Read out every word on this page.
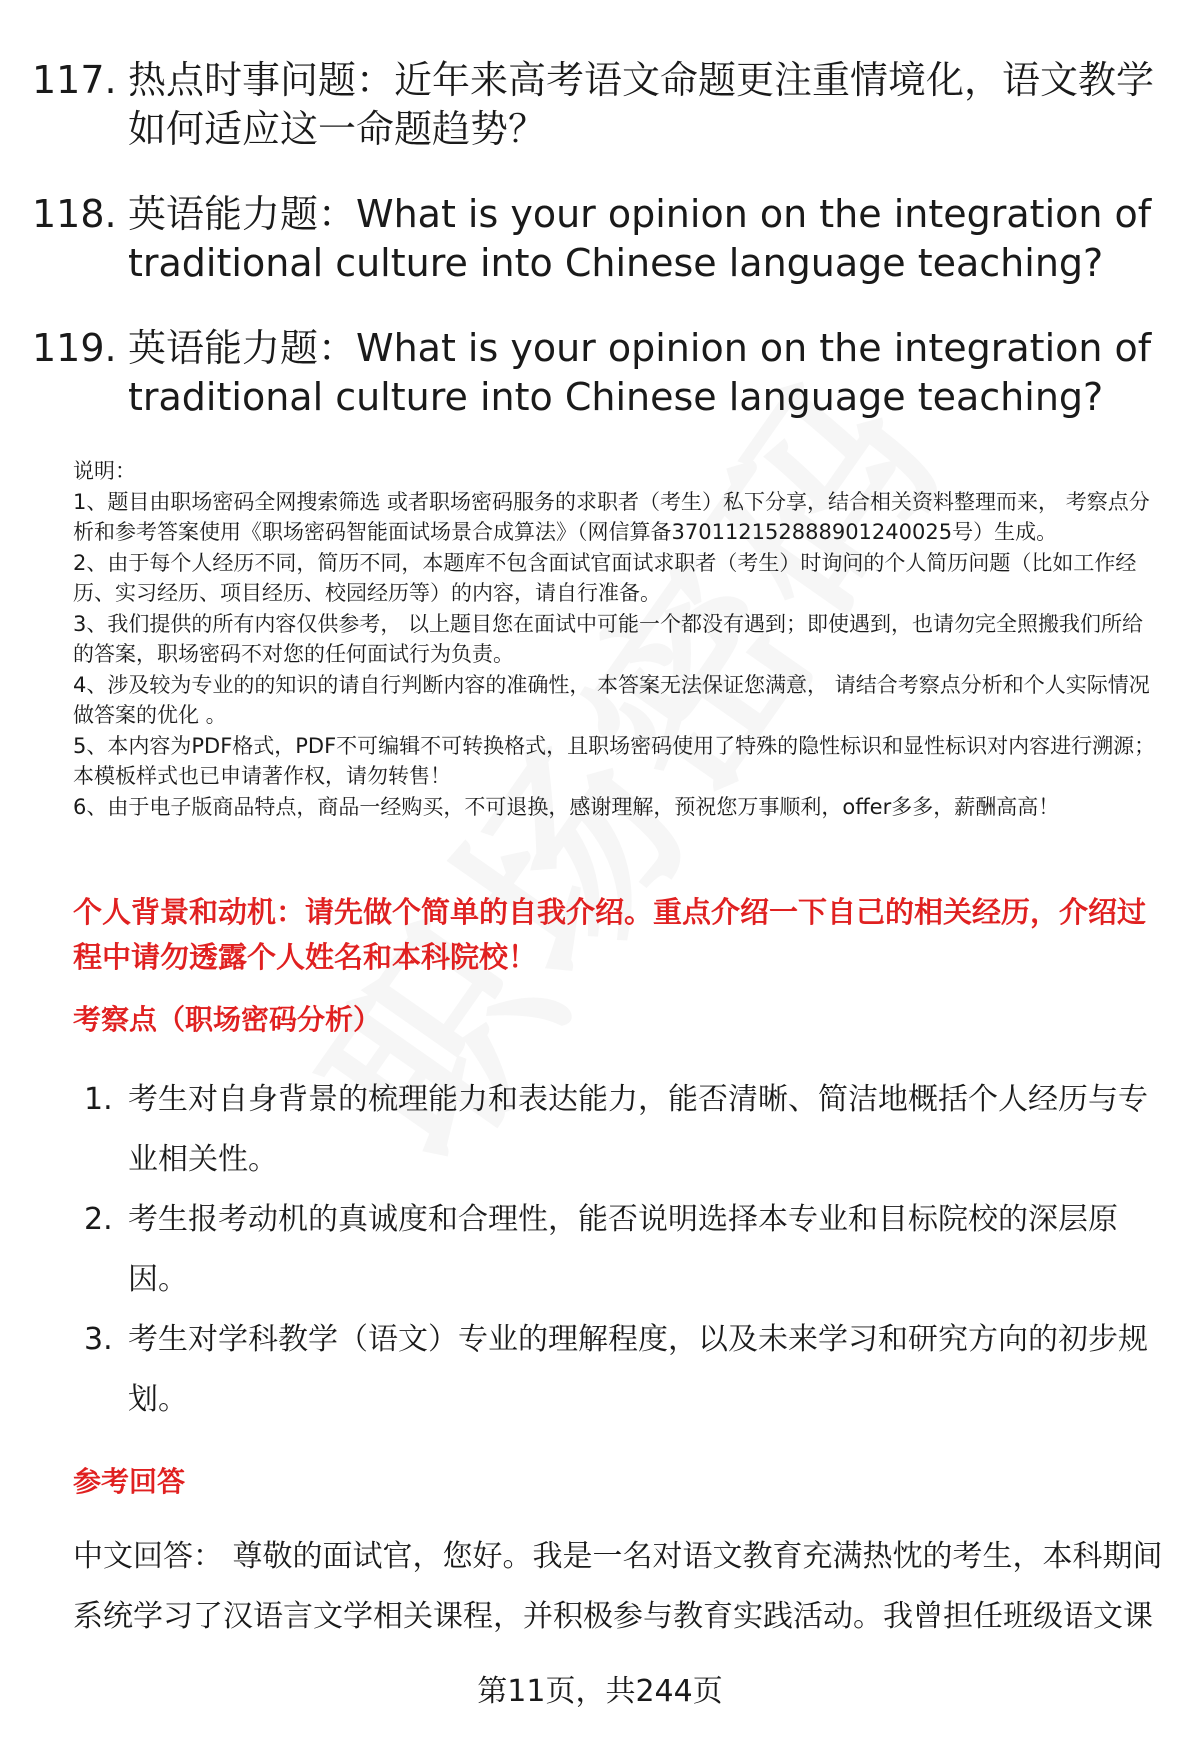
117. 热点时事问题：近年来高考语文命题更注重情境化，语文教学如何适应这一命题趋势？
118. 英语能力题：What is your opinion on the integration of traditional culture into Chinese language teaching?
119. 英语能力题：What is your opinion on the integration of traditional culture into Chinese language teaching?

说明：

1、题目由职场密码全网搜索筛选 或者职场密码服务的求职者（考生）私下分享，结合相关资料整理而来， 考察点分析和参考答案使用《职场密码智能面试场景合成算法》（网信算备370112152888901240025号）生成。

2、由于每个人经历不同，简历不同，本题库不包含面试官面试求职者（考生）时询问的个人简历问题（比如工作经历、实习经历、项目经历、校园经历等）的内容，请自行准备。

3、我们提供的所有内容仅供参考， 以上题目您在面试中可能一个都没有遇到；即使遇到，也请勿完全照搬我们所给的答案，职场密码不对您的任何面试行为负责。

4、涉及较为专业的的知识的请自行判断内容的准确性， 本答案无法保证您满意， 请结合考察点分析和个人实际情况做答案的优化 。

5、本内容为PDF格式，PDF不可编辑不可转换格式，且职场密码使用了特殊的隐性标识和显性标识对内容进行溯源；本模板样式也已申请著作权，请勿转售！

6、由于电子版商品特点，商品一经购买，不可退换，感谢理解，预祝您万事顺利，offer多多，薪酬高高！

个人背景和动机：请先做个简单的自我介绍。重点介绍一下自己的相关经历，介绍过程中请勿透露个人姓名和本科院校！
考察点（职场密码分析）
1. 考生对自身背景的梳理能力和表达能力，能否清晰、简洁地概括个人经历与专业相关性。
2. 考生报考动机的真诚度和合理性，能否说明选择本专业和目标院校的深层原因。
3. 考生对学科教学（语文）专业的理解程度，以及未来学习和研究方向的初步规划。
参考回答
中文回答： 尊敬的面试官，您好。我是一名对语文教育充满热忱的考生，本科期间系统学习了汉语言文学相关课程，并积极参与教育实践活动。我曾担任班级语文课
第11页，共244页
